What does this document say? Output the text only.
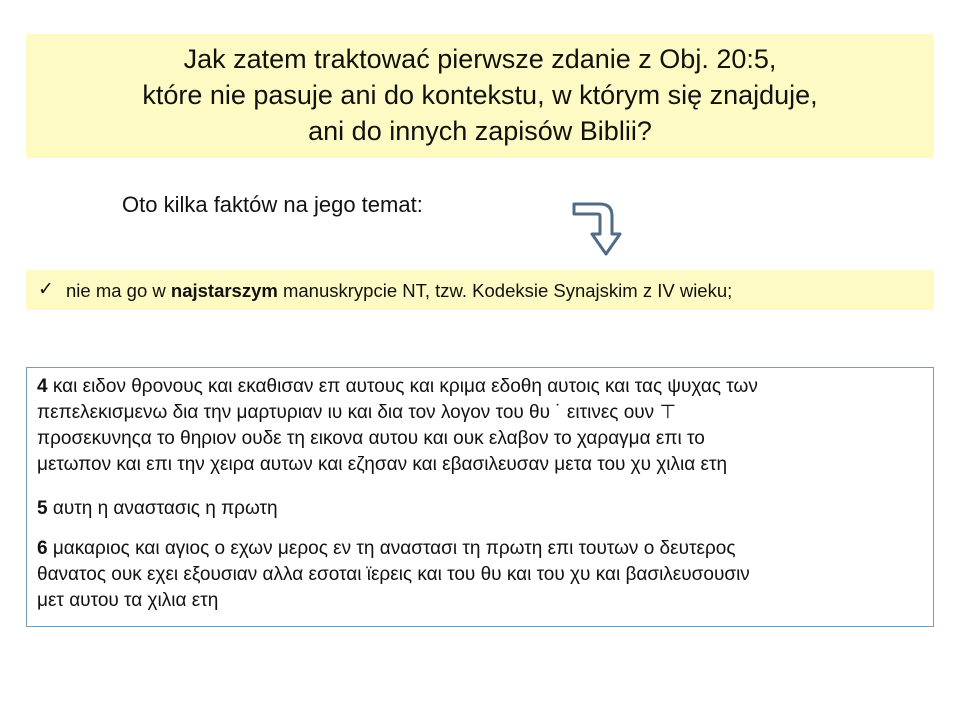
Jak zatem traktować pierwsze zdanie z Obj. 20:5,
które nie pasuje ani do kontekstu, w którym się znajduje,
ani do innych zapisów Biblii?
Oto kilka faktów na jego temat:
✓ nie ma go w najstarszym manuskrypcie NT, tzw. Kodeksie Synajskim z IV wieku;
4 και ειδον θρονους και εκαθισαν επ αυτους και κριμα εδοθη αυτοις και τας ψυχας των
πεπελεκισμενω δια την μαρτυριαν ιυ και δια τον λογον του θυ ˙ ειτινες ουν ⊤
προσεκυνηςα το θηριον ουδε τη εικονα αυτου και ουκ ελαβον το χαραγμα επι το
μετωπον και επι την χειρα αυτων και εζησαν και εβασιλευσαν μετα του χυ χιλια ετη
5 αυτη η αναστασις η πρωτη
6 μακαριος και αγιος ο εχων μερος εν τη αναστασι τη πρωτη επι τουτων ο δευτερος
θανατος ουκ εχει εξουσιαν αλλα εσοται ϊερεις και του θυ και του χυ και βασιλευσουσιν
μετ αυτου τα χιλια ετη
